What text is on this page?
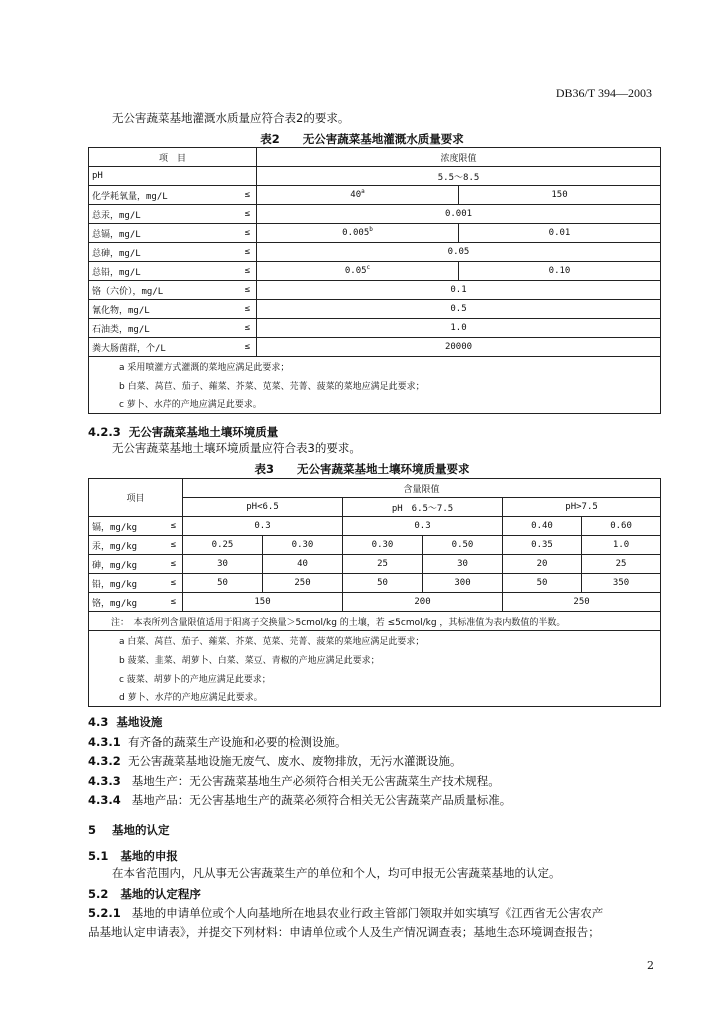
DB36/T 394—2003
无公害蔬菜基地灌溉水质量应符合表2的要求。
表2　　无公害蔬菜基地灌溉水质量要求
项　目		浓度限值	
pH		5.5～8.5	
化学耗氧量，mg/L	≤	$40^a$	150
总汞，mg/L	≤	0.001	
总镉，mg/L	≤	0.005$^b$	0.01
总砷，mg/L	≤	0.05	
总铅，mg/L	≤	0.05$^c$	0.10
铬（六价），mg/L	≤	0.1	
氰化物，mg/L	≤	0.5	
石油类，mg/L	≤	1.0	
粪大肠菌群，个/L	≤	20000	
a 采用喷灌方式灌溉的菜地应满足此要求；			
b 白菜、莴苣、茄子、蕹菜、芥菜、苋菜、芫菁、菠菜的菜地应满足此要求；			
c 萝卜、水芹的产地应满足此要求。			
4.2.3 无公害蔬菜基地土壤环境质量
无公害蔬菜基地土壤环境质量应符合表3的要求。
表3　　无公害蔬菜基地土壤环境质量要求
项目		含量限值					
		pH<6.5		pH　6.5～7.5		pH>7.5	
镉，mg/kg	≤	0.3		0.3		0.40	0.60
汞，mg/kg	≤	0.25	0.30	0.30	0.50	0.35	1.0
砷，mg/kg	≤	30	40	25	30	20	25
铅，mg/kg	≤	50	250	50	300	50	350
铬，mg/kg	≤	150		200		250	
注：　本表所列含量限值适用于阳离子交换量＞5cmol/kg 的土壤，若 ≤5cmol/kg ，其标准值为表内数值的半数。							
a 白菜、莴苣、茄子、蕹菜、芥菜、苋菜、芫菁、菠菜的菜地应满足此要求；							
b 菠菜、韭菜、胡萝卜、白菜、菜豆、青椒的产地应满足此要求；							
c 菠菜、胡萝卜的产地应满足此要求；							
d 萝卜、水芹的产地应满足此要求。							
4.3 基地设施
4.3.1 有齐备的蔬菜生产设施和必要的检测设施。
4.3.2 无公害蔬菜基地设施无废气、废水、废物排放，无污水灌溉设施。
4.3.3 基地生产：无公害蔬菜基地生产必须符合相关无公害蔬菜生产技术规程。
4.3.4 基地产品：无公害基地生产的蔬菜必须符合相关无公害蔬菜产品质量标准。
5 基地的认定
5.1 基地的申报
在本省范围内，凡从事无公害蔬菜生产的单位和个人，均可申报无公害蔬菜基地的认定。
5.2 基地的认定程序
5.2.1 基地的申请单位或个人向基地所在地县农业行政主管部门领取并如实填写《江西省无公害农产
品基地认定申请表》，并提交下列材料：申请单位或个人及生产情况调查表；基地生态环境调查报告；
2
